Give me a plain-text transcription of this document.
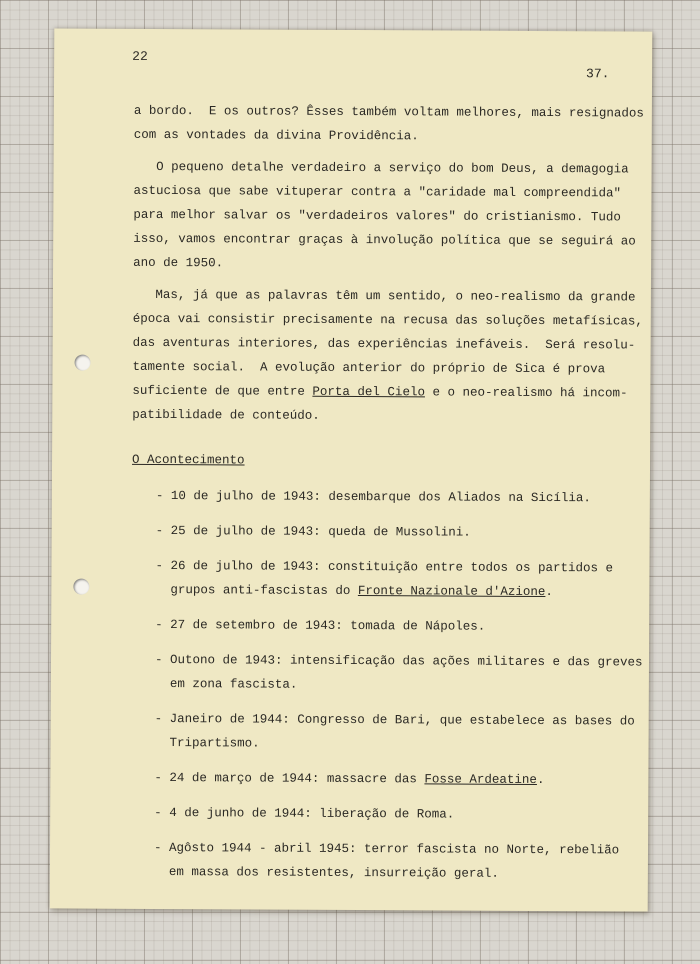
22
37.
a bordo.  E os outros? Êsses também voltam melhores, mais resignados
com as vontades da divina Providência.
O pequeno detalhe verdadeiro a serviço do bom Deus, a demagogia
astuciosa que sabe vituperar contra a "caridade mal compreendida"
para melhor salvar os "verdadeiros valores" do cristianismo. Tudo
isso, vamos encontrar graças à involução política que se seguirá ao
ano de 1950.
Mas, já que as palavras têm um sentido, o neo-realismo da grande
época vai consistir precisamente na recusa das soluções metafísicas,
das aventuras interiores, das experiências inefáveis.  Será resolu-
tamente social.  A evolução anterior do próprio de Sica é prova
suficiente de que entre Porta del Cielo e o neo-realismo há incom-
patibilidade de conteúdo.
O Acontecimento
- 10 de julho de 1943: desembarque dos Aliados na Sicília.
- 25 de julho de 1943: queda de Mussolini.
- 26 de julho de 1943: constituição entre todos os partidos e
grupos anti-fascistas do Fronte Nazionale d'Azione.
- 27 de setembro de 1943: tomada de Nápoles.
- Outono de 1943: intensificação das ações militares e das greves
em zona fascista.
- Janeiro de 1944: Congresso de Bari, que estabelece as bases do
Tripartismo.
- 24 de março de 1944: massacre das Fosse Ardeatine.
- 4 de junho de 1944: liberação de Roma.
- Agôsto 1944 - abril 1945: terror fascista no Norte, rebelião
em massa dos resistentes, insurreição geral.
